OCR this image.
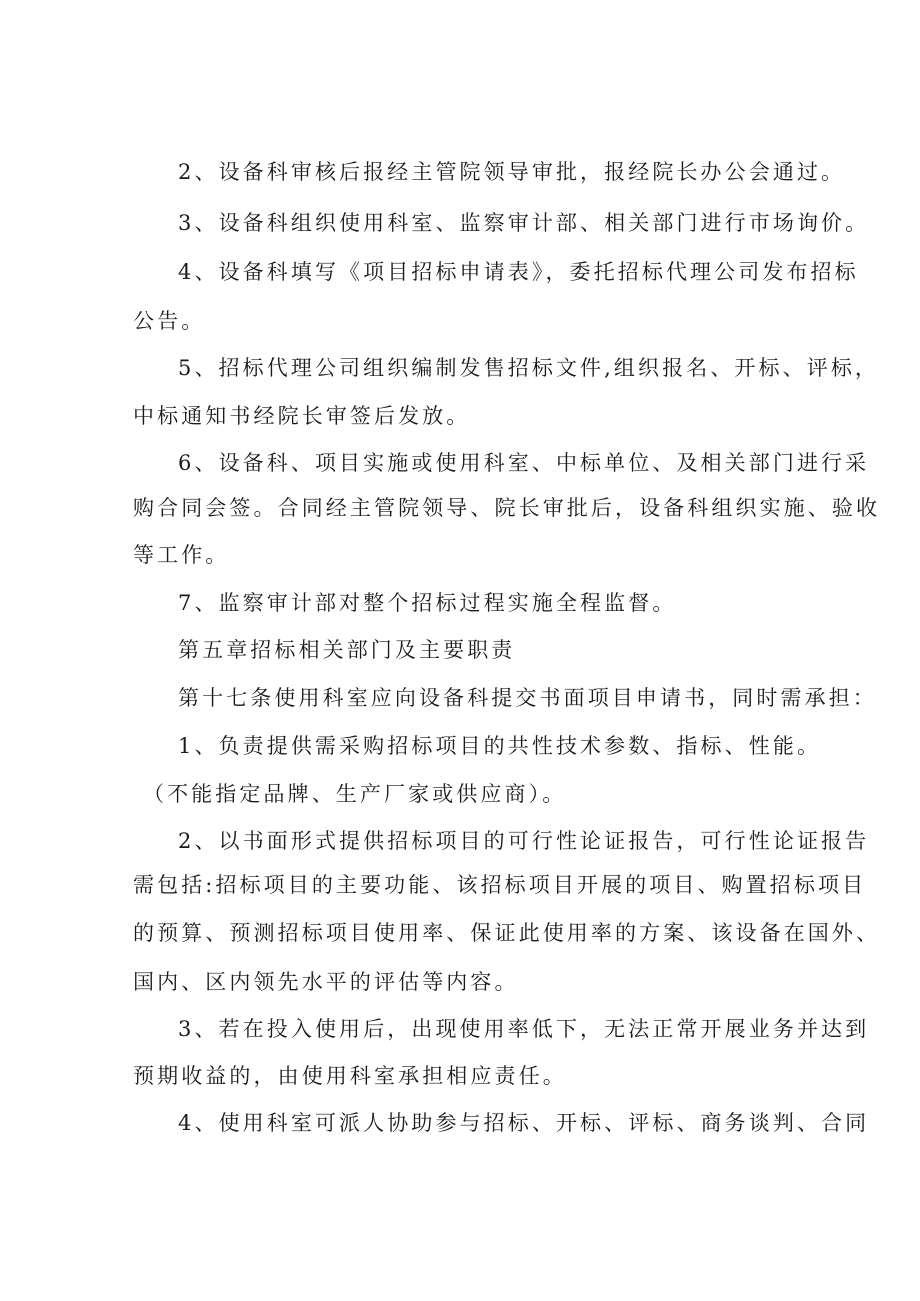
2、设备科审核后报经主管院领导审批，报经院长办公会通过。
3、设备科组织使用科室、监察审计部、相关部门进行市场询价。
4、设备科填写《项目招标申请表》，委托招标代理公司发布招标
公告。
5、招标代理公司组织编制发售招标文件,组织报名、开标、评标，
中标通知书经院长审签后发放。
6、设备科、项目实施或使用科室、中标单位、及相关部门进行采
购合同会签。合同经主管院领导、院长审批后，设备科组织实施、验收
等工作。
7、监察审计部对整个招标过程实施全程监督。
第五章招标相关部门及主要职责
第十七条使用科室应向设备科提交书面项目申请书，同时需承担：
1、负责提供需采购招标项目的共性技术参数、指标、性能。
（不能指定品牌、生产厂家或供应商）。
2、以书面形式提供招标项目的可行性论证报告，可行性论证报告
需包括:招标项目的主要功能、该招标项目开展的项目、购置招标项目
的预算、预测招标项目使用率、保证此使用率的方案、该设备在国外、
国内、区内领先水平的评估等内容。
3、若在投入使用后，出现使用率低下，无法正常开展业务并达到
预期收益的，由使用科室承担相应责任。
4、使用科室可派人协助参与招标、开标、评标、商务谈判、合同
